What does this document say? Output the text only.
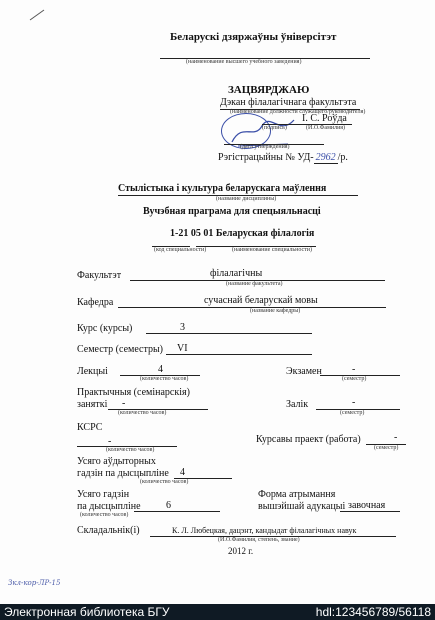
Беларускі дзяржаўны ўніверсітэт
(наименование высшего учебного заведения)
ЗАЦВЯРДЖАЮ
Дэкан філалагічнага факультэта
(наименование должности служащего/руководителя)
І. С. Роўда
(подпись)	(И.О.Фамилия)
(дата утверждения)
Рэгістрацыйны № УД- 2962 /р.
Стылістыка і культура беларускага маўлення
(название дисциплины)
Вучэбная праграма для спецыяльнасці
1-21 05 01 Беларуская філалогія
(код специальности)	(наименование специальности)
Факультэт	філалагічны
(название факультета)
Кафедра	сучаснай беларускай мовы
(название кафедры)
Курс (курсы)	3
Семестр (семестры) VI
Лекцыі	4
(количество часов)
Экзамен	-
(семестр)
Практычныя (семінарскія)
заняткі -
(количество часов)
Залік	-
(семестр)
КСРС
-
(количество часов)
Курсавы праект (работа)	-
(семестр)
Усяго аўдыторных
гадзін па дысцыпліне 4
(количество часов)
Усяго гадзін
па дысцыпліне	6
(количество часов)
Форма атрымання
вышэйшай адукацыі завочная
Складальнік(і)	К. Л. Любецкая, дацэнт, кандыдат філалагічных навук
(И.О.Фамилия, степень, звание)
2012 г.
Зкл-кор-ЛР-15
Электронная библиотека БГУ	hdl:123456789/56118
